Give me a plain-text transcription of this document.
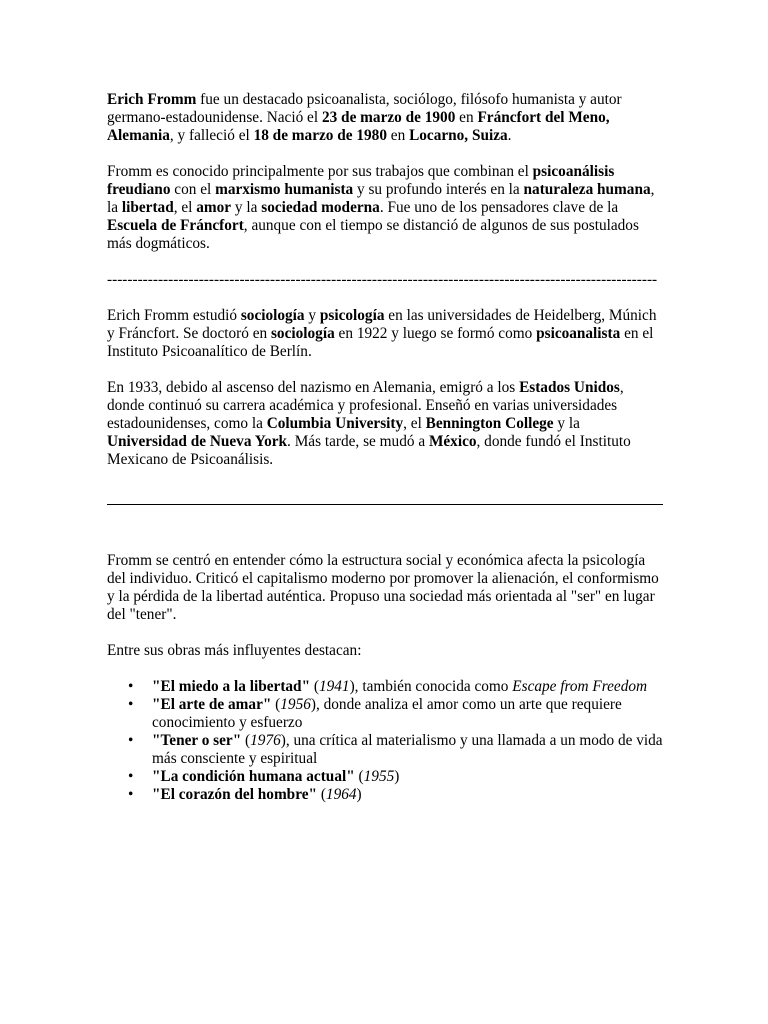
Erich Fromm fue un destacado psicoanalista, sociólogo, filósofo humanista y autor germano-estadounidense. Nació el 23 de marzo de 1900 en Fráncfort del Meno, Alemania, y falleció el 18 de marzo de 1980 en Locarno, Suiza.

Fromm es conocido principalmente por sus trabajos que combinan el psicoanálisis freudiano con el marxismo humanista y su profundo interés en la naturaleza humana, la libertad, el amor y la sociedad moderna. Fue uno de los pensadores clave de la Escuela de Fráncfort, aunque con el tiempo se distanció de algunos de sus postulados más dogmáticos.

------------------------------------------------------------------------------------------------------------

Erich Fromm estudió sociología y psicología en las universidades de Heidelberg, Múnich y Fráncfort. Se doctoró en sociología en 1922 y luego se formó como psicoanalista en el Instituto Psicoanalítico de Berlín.

En 1933, debido al ascenso del nazismo en Alemania, emigró a los Estados Unidos, donde continuó su carrera académica y profesional. Enseñó en varias universidades estadounidenses, como la Columbia University, el Bennington College y la Universidad de Nueva York. Más tarde, se mudó a México, donde fundó el Instituto Mexicano de Psicoanálisis.

Fromm se centró en entender cómo la estructura social y económica afecta la psicología del individuo. Criticó el capitalismo moderno por promover la alienación, el conformismo y la pérdida de la libertad auténtica. Propuso una sociedad más orientada al "ser" en lugar del "tener".

Entre sus obras más influyentes destacan:

• "El miedo a la libertad" (1941), también conocida como Escape from Freedom
• "El arte de amar" (1956), donde analiza el amor como un arte que requiere conocimiento y esfuerzo
• "Tener o ser" (1976), una crítica al materialismo y una llamada a un modo de vida más consciente y espiritual
• "La condición humana actual" (1955)
• "El corazón del hombre" (1964)
